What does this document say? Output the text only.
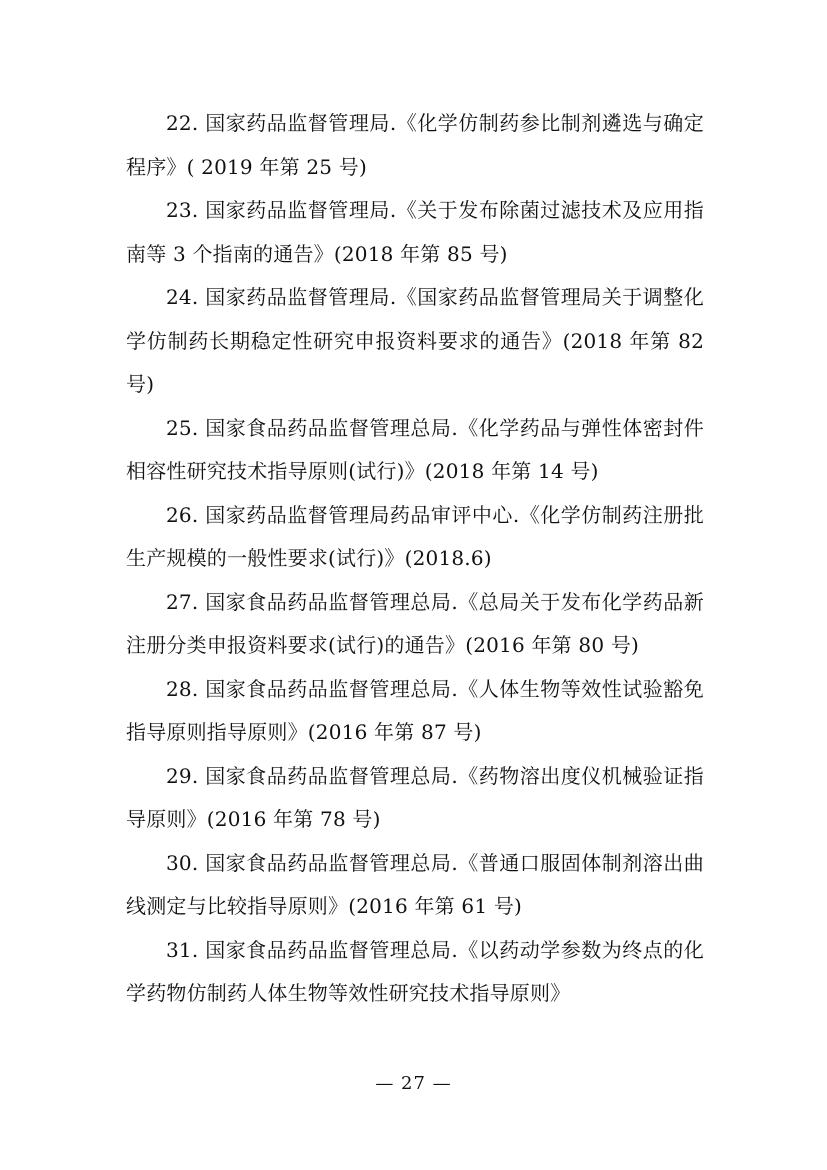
22. 国家药品监督管理局.《化学仿制药参比制剂遴选与确定程序》( 2019 年第 25 号)
23. 国家药品监督管理局.《关于发布除菌过滤技术及应用指南等 3 个指南的通告》(2018 年第 85 号)
24. 国家药品监督管理局.《国家药品监督管理局关于调整化学仿制药长期稳定性研究申报资料要求的通告》(2018 年第 82 号)
25. 国家食品药品监督管理总局.《化学药品与弹性体密封件相容性研究技术指导原则(试行)》(2018 年第 14 号)
26. 国家药品监督管理局药品审评中心.《化学仿制药注册批生产规模的一般性要求(试行)》(2018.6)
27. 国家食品药品监督管理总局.《总局关于发布化学药品新注册分类申报资料要求(试行)的通告》(2016 年第 80 号)
28. 国家食品药品监督管理总局.《人体生物等效性试验豁免指导原则指导原则》(2016 年第 87 号)
29. 国家食品药品监督管理总局.《药物溶出度仪机械验证指导原则》(2016 年第 78 号)
30. 国家食品药品监督管理总局.《普通口服固体制剂溶出曲线测定与比较指导原则》(2016 年第 61 号)
31. 国家食品药品监督管理总局.《以药动学参数为终点的化学药物仿制药人体生物等效性研究技术指导原则》
— 27 —
